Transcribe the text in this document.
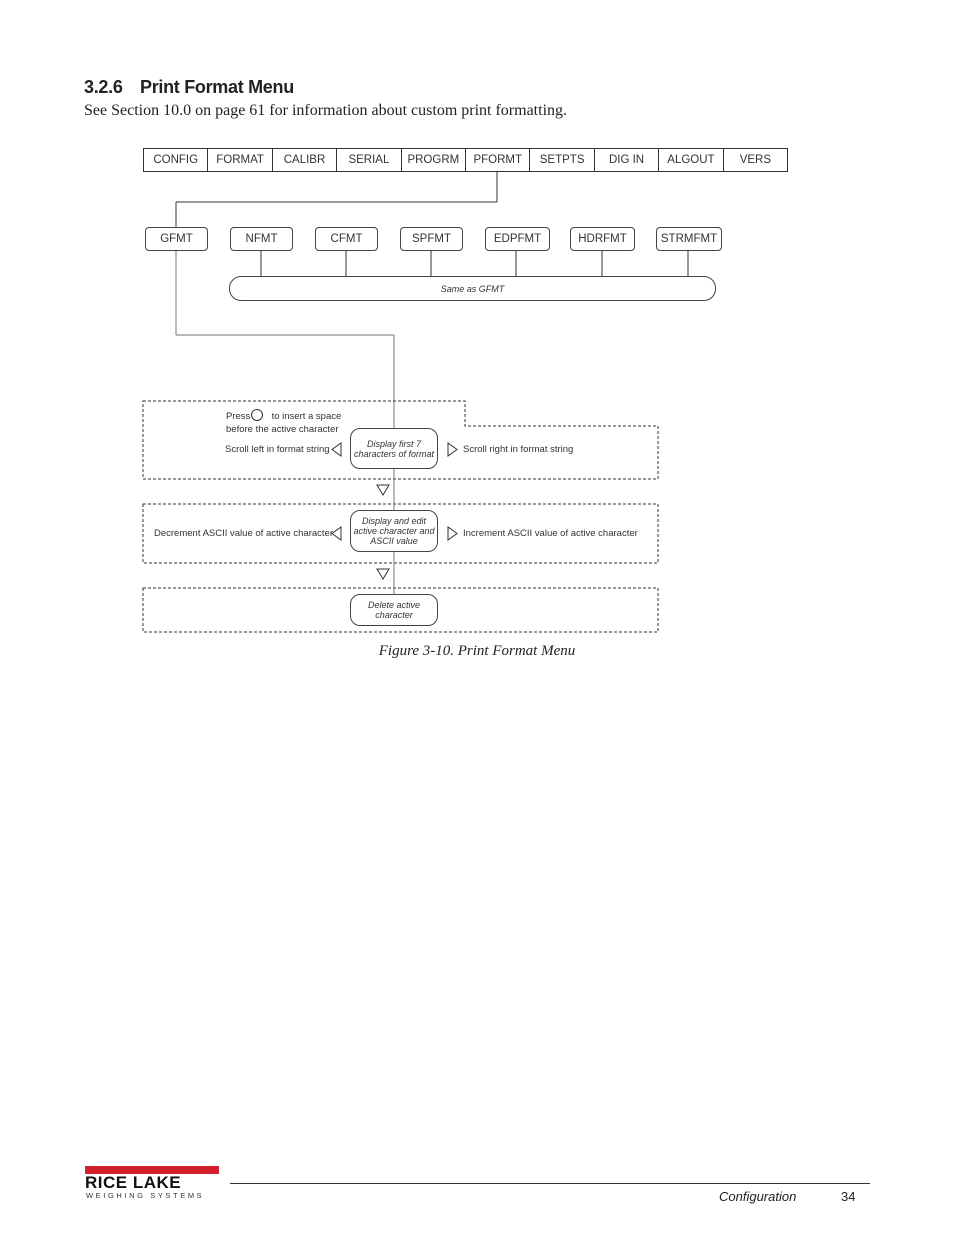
3.2.6 Print Format Menu
See Section 10.0 on page 61 for information about custom print formatting.
CONFIG	FORMAT	CALIBR	SERIAL	PROGRM	PFORMT	SETPTS	DIG IN	ALGOUT	VERS
GFMT	NFMT	CFMT	SPFMT	EDPFMT	HDRFMT	STRMFMT
Same as GFMT
Press to insert a space
before the active character
Scroll left in format string
Display first 7
characters of format	Scroll right in format string
Decrement ASCII value of active character
Display and edit
active character and
ASCII value
Increment ASCII value of active character
Delete active
character
Figure 3-10. Print Format Menu
RICE LAKE
WEIGHING SYSTEMS	Configuration	34
